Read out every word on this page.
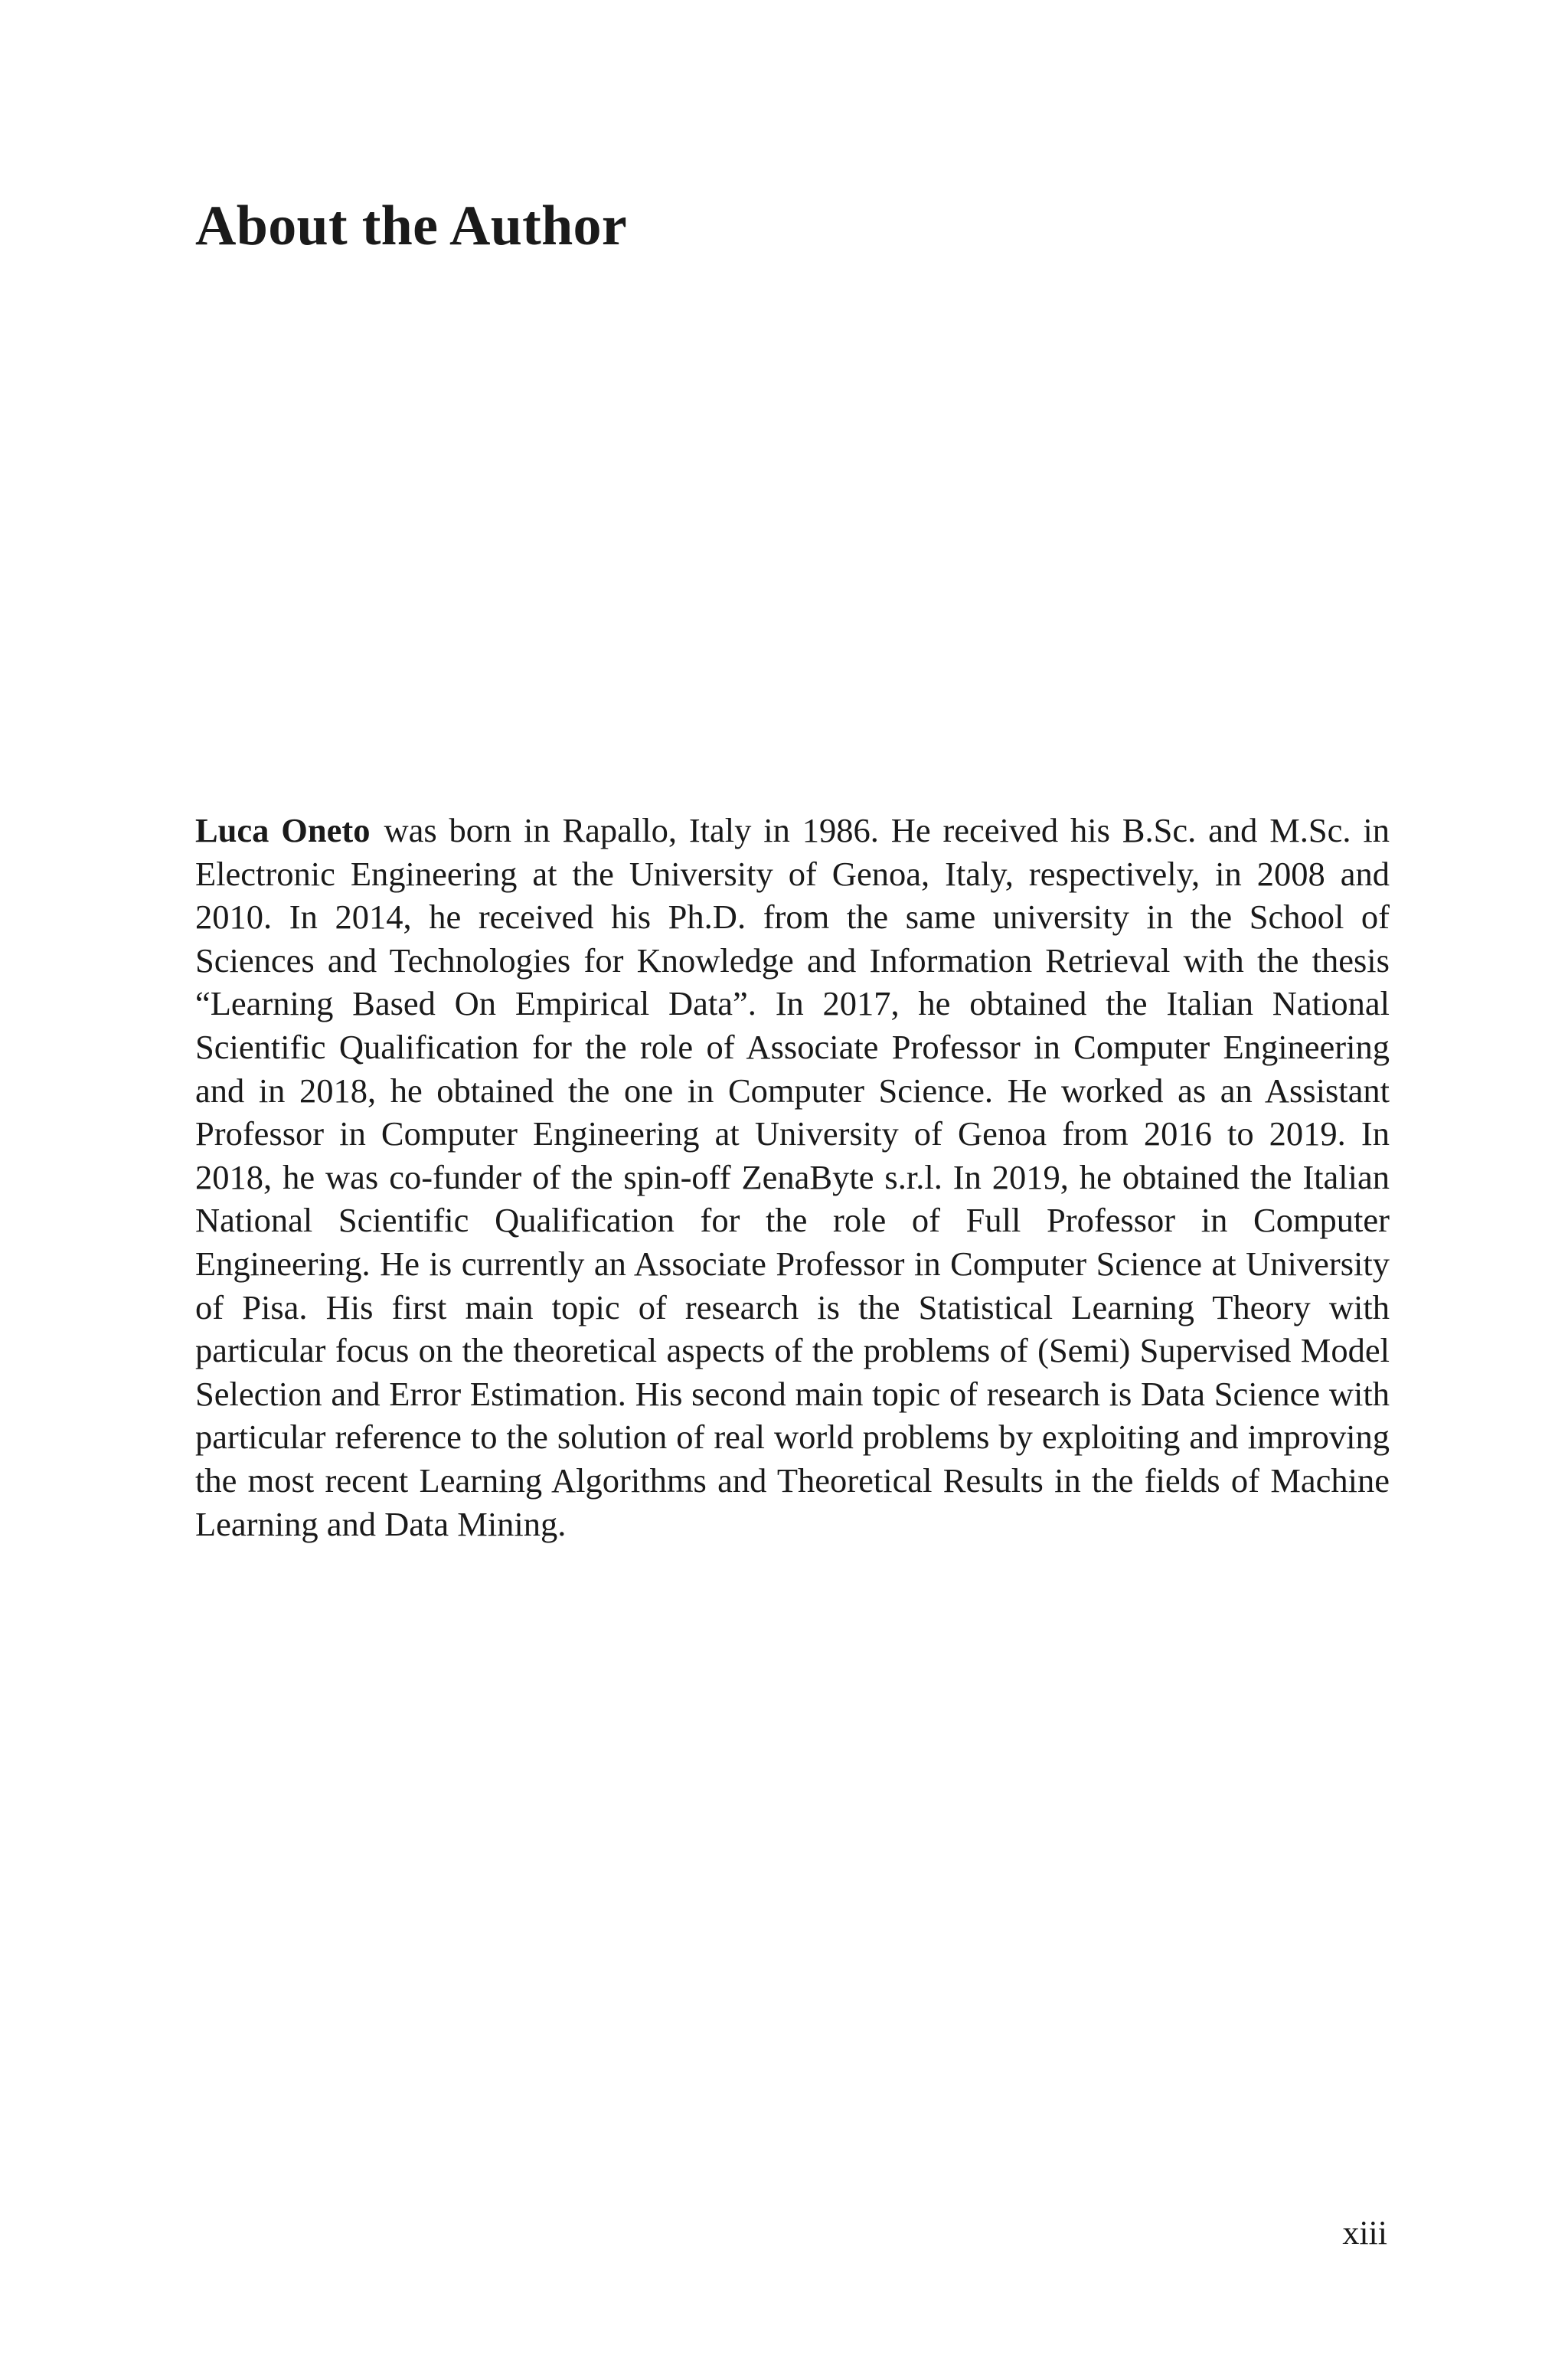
About the Author

Luca Oneto was born in Rapallo, Italy in 1986. He received his B.Sc. and M.Sc. in Electronic Engineering at the University of Genoa, Italy, respectively, in 2008 and 2010. In 2014, he received his Ph.D. from the same university in the School of Sciences and Technologies for Knowledge and Information Retrieval with the thesis “Learning Based On Empirical Data”. In 2017, he obtained the Italian National Scientific Qualification for the role of Associate Professor in Computer Engineering and in 2018, he obtained the one in Computer Science. He worked as an Assistant Professor in Computer Engineering at University of Genoa from 2016 to 2019. In 2018, he was co-funder of the spin-off ZenaByte s.r.l. In 2019, he obtained the Italian National Scientific Qualification for the role of Full Professor in Computer Engineering. He is currently an Associate Professor in Computer Science at University of Pisa. His first main topic of research is the Statistical Learning Theory with particular focus on the theoretical aspects of the problems of (Semi) Supervised Model Selection and Error Estimation. His second main topic of research is Data Science with particular reference to the solution of real world problems by exploiting and improving the most recent Learning Algorithms and Theoretical Results in the fields of Machine Learning and Data Mining.

xiii
